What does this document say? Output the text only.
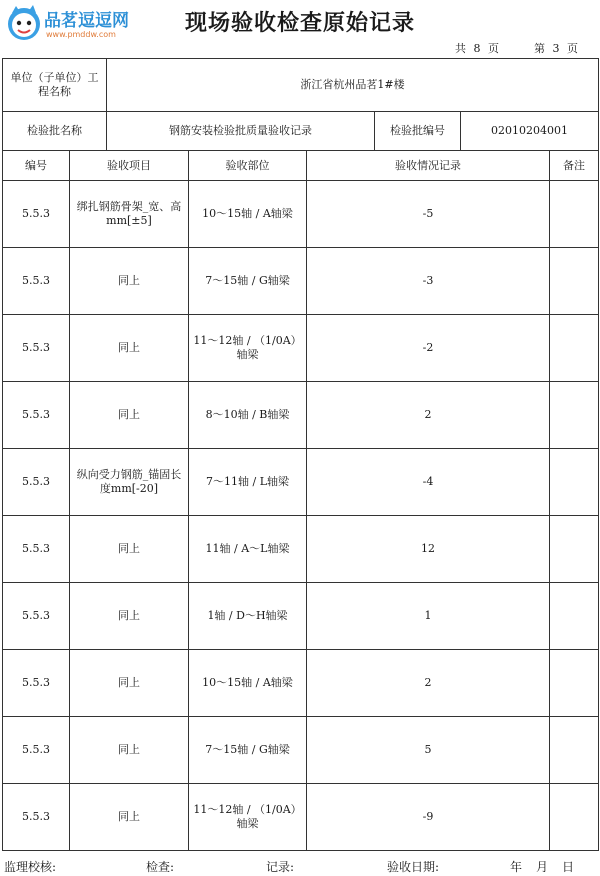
品茗逗逗网
www.pmddw.com	现场验收检查原始记录
共 8 页	第 3 页
单位（子单位）工程名称		浙江省杭州品茗1#楼					
检验批名称		钢筋安装检验批质量验收记录			检验批编号	02010204001	
编号	验收项目		验收部位	验收情况记录			备注
5.5.3	绑扎钢筋骨架_宽、高mm[±5]		10～15轴 / A轴梁	-5			
5.5.3	同上		7～15轴 / G轴梁	-3			
5.5.3	同上		11～12轴 / （1/0A）轴梁	-2			
5.5.3	同上		8～10轴 / B轴梁	2			
5.5.3	纵向受力钢筋_锚固长度mm[-20]		7～11轴 / L轴梁	-4			
5.5.3	同上		11轴 / A～L轴梁	12			
5.5.3	同上		1轴 / D～H轴梁	1			
5.5.3	同上		10～15轴 / A轴梁	2			
5.5.3	同上		7～15轴 / G轴梁	5			
5.5.3	同上		11～12轴 / （1/0A）轴梁	-9			
监理校核:	检查:	记录:	验收日期:	年 月 日
